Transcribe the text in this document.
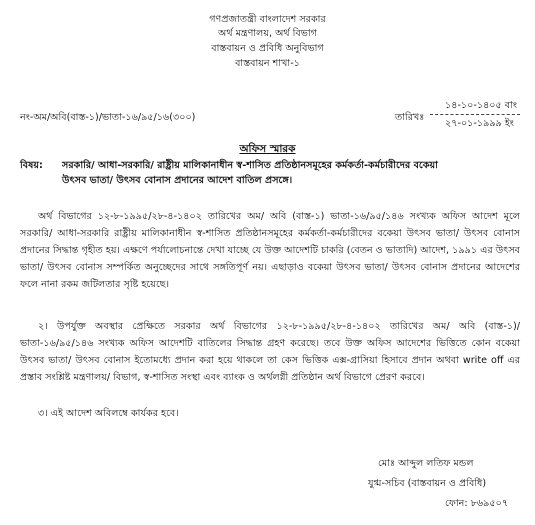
গণপ্রজাতন্ত্রী বাংলাদেশ সরকার
অর্থ মন্ত্রণালয়, অর্থ বিভাগ
বাস্তবায়ন ও প্রবিধি অনুবিভাগ
বাস্তবায়ন শাখা-১
নং-অম/অবি(বাস্ত-১)/ভাতা-১৬/৯৫/১৬(৩০০)	তারিখঃ
১৪-১০-১৪০৫ বাং
২৭-০১-১৯৯৯ ইং
অফিস স্মারক
বিষয়: সরকারি/ আধা-সরকারি/ রাষ্ট্রীয় মালিকানাধীন স্ব-শাসিত প্রতিষ্ঠানসমূহের কর্মকর্তা-কর্মচারীদের বকেয়া
উৎসব ভাতা/ উৎসব বোনাস প্রদানের আদেশ বাতিল প্রসঙ্গে।
অর্থ বিভাগের ১২-৮-১৯৯৫/২৮-৪-১৪০২ তারিখের অম/ অবি (বাস্ত-১) ভাতা-১৬/৯৫/১৪৬ সংখ্যক অফিস আদেশ মূলে সরকারি/ আধা-সরকারি রাষ্ট্রীয় মালিকানাধীন স্ব-শাসিত প্রতিষ্ঠানসমূহের কর্মকর্তা-কর্মচারীদের বকেয়া উৎসব ভাতা/ উৎসব বোনাস প্রদানের সিদ্ধান্ত গৃহীত হয়। এক্ষণে পর্যালোচনান্তে দেখা যাচ্ছে যে উক্ত আদেশটি চাকরি (বেতন ও ভাতাদি) আদেশ, ১৯৯১ এর উৎসব ভাতা/ উৎসব বোনাস সম্পর্কিত অনুচ্ছেদের সাথে সঙ্গতিপূর্ণ নয়। এছাড়াও বকেয়া উৎসব ভাতা/ উৎসব বোনাস প্রদানের আদেশের ফলে নানা রকম জটিলতার সৃষ্টি হয়েছে।
২। উপর্যুক্ত অবস্থার প্রেক্ষিতে সরকার অর্থ বিভাগের ১২-৮-১৯৯৫/২৮-৪-১৪০২ তারিখের অম/ অবি (বাস্ত-১)/ ভাতা-১৬/৯৫/১৪৬ সংখ্যক অফিস আদেশটি বাতিলের সিদ্ধান্ত গ্রহণ করেছে। তবে উক্ত অফিস আদেশের ভিত্তিতে কোন বকেয়া উৎসব ভাতা/ উৎসব বোনাস ইতোমধ্যে প্রদান করা হয়ে থাকলে তা কেস ভিত্তিক এক্স-গ্রাসিয়া হিসাবে প্রদান অথবা write off এর প্রস্তাব সংশ্লিষ্ট মন্ত্রণালয়/ বিভাগ, স্ব-শাসিত সংস্থা এবং ব্যাংক ও অর্থলগ্নী প্রতিষ্ঠান অর্থ বিভাগে প্রেরণ করবে।
৩। এই আদেশ অবিলম্বে কার্যকর হবে।
মোঃ আব্দুল লতিফ মন্ডল
যুগ্ম-সচিব (বাস্তবায়ন ও প্রবিধি)
ফোন: ৮৬৯৫০৭
